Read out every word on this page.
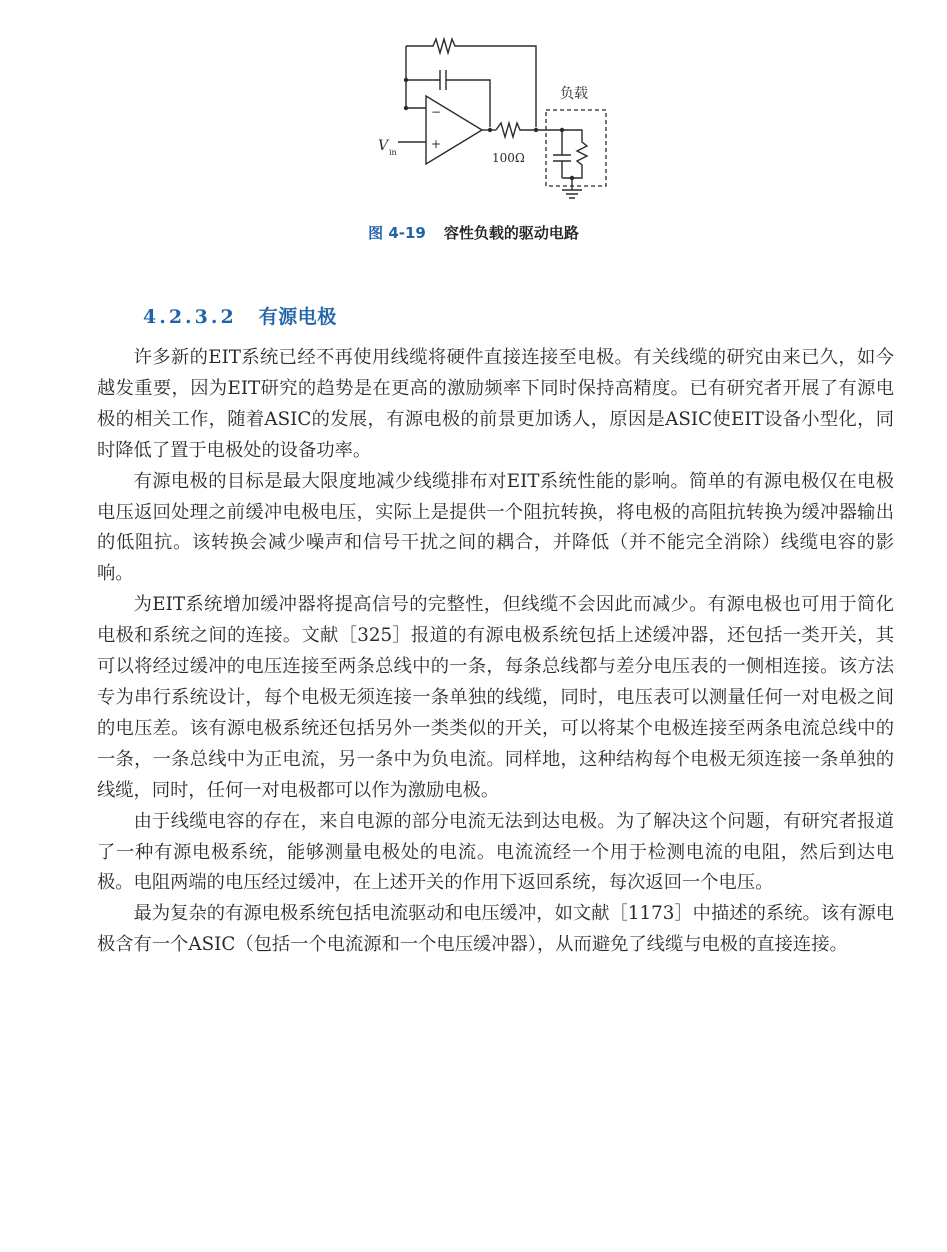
负载
−
+
V in	100Ω
图 4-19 容性负载的驱动电路
4.2.3.2 有源电极

许多新的EIT系统已经不再使用线缆将硬件直接连接至电极。有关线缆的研究由来已久，如今越发重要，因为EIT研究的趋势是在更高的激励频率下同时保持高精度。已有研究者开展了有源电极的相关工作，随着ASIC的发展，有源电极的前景更加诱人，原因是ASIC使EIT设备小型化，同时降低了置于电极处的设备功率。

有源电极的目标是最大限度地减少线缆排布对EIT系统性能的影响。简单的有源电极仅在电极电压返回处理之前缓冲电极电压，实际上是提供一个阻抗转换，将电极的高阻抗转换为缓冲器输出的低阻抗。该转换会减少噪声和信号干扰之间的耦合，并降低（并不能完全消除）线缆电容的影响。

为EIT系统增加缓冲器将提高信号的完整性，但线缆不会因此而减少。有源电极也可用于简化电极和系统之间的连接。文献［325］报道的有源电极系统包括上述缓冲器，还包括一类开关，其可以将经过缓冲的电压连接至两条总线中的一条，每条总线都与差分电压表的一侧相连接。该方法专为串行系统设计，每个电极无须连接一条单独的线缆，同时，电压表可以测量任何一对电极之间的电压差。该有源电极系统还包括另外一类类似的开关，可以将某个电极连接至两条电流总线中的一条，一条总线中为正电流，另一条中为负电流。同样地，这种结构每个电极无须连接一条单独的线缆，同时，任何一对电极都可以作为激励电极。

由于线缆电容的存在，来自电源的部分电流无法到达电极。为了解决这个问题，有研究者报道了一种有源电极系统，能够测量电极处的电流。电流流经一个用于检测电流的电阻，然后到达电极。电阻两端的电压经过缓冲，在上述开关的作用下返回系统，每次返回一个电压。

最为复杂的有源电极系统包括电流驱动和电压缓冲，如文献［1173］中描述的系统。该有源电极含有一个ASIC（包括一个电流源和一个电压缓冲器），从而避免了线缆与电极的直接连接。
